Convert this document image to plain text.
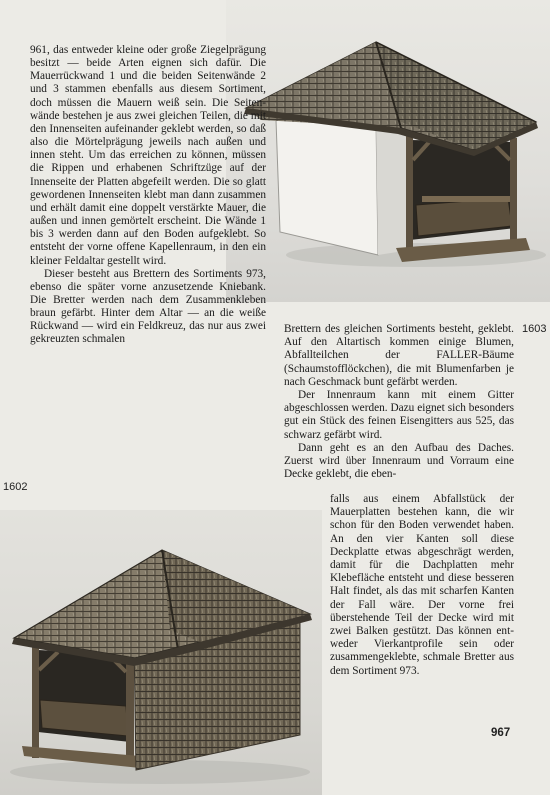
961, das entweder kleine oder große Ziegelprägung besitzt — beide Arten eignen sich dafür. Die Mauerrückwand 1 und die beiden Seitenwände 2 und 3 stammen ebenfalls aus diesem Sortiment, doch müssen die Mauern weiß sein. Die Seitenwände bestehen je aus zwei gleichen Teilen, die mit den Innenseiten aufeinander geklebt werden, so daß also die Mörtelprägung jeweils nach außen und innen steht. Um das erreichen zu können, müssen die Rippen und erhabenen Schriftzüge auf der Innenseite der Platten abgefeilt werden. Die so glatt gewordenen Innenseiten klebt man dann zusammen und erhält damit eine doppelt verstärkte Mauer, die außen und innen gemörtelt erscheint. Die Wände 1 bis 3 werden dann auf den Boden aufgeklebt. So entsteht der vorne offene Kapellenraum, in den ein kleiner Feldaltar gestellt wird.

Dieser besteht aus Brettern des Sortiments 973, ebenso die später vorne anzusetzende Kniebank. Die Bretter werden nach dem Zusammenkleben braun gefärbt. Hinter dem Altar — an die weiße Rückwand — wird ein Feldkreuz, das nur aus zwei gekreuzten schmalen

Brettern des gleichen Sortiments besteht, geklebt. Auf den Altartisch kommen einige Blumen, Abfallteilchen der FALLER-Bäume (Schaumstofflöckchen), die mit Blumenfarben je nach Geschmack bunt gefärbt werden.

Der Innenraum kann mit einem Gitter abgeschlossen werden. Dazu eignet sich besonders gut ein Stück des feinen Eisengitters aus 525, das schwarz gefärbt wird.

Dann geht es an den Aufbau des Daches. Zuerst wird über Innenraum und Vorraum eine Decke geklebt, die eben-

falls aus einem Abfallstück der Mauerplatten bestehen kann, die wir schon für den Boden verwendet haben. An den vier Kanten soll diese Deckplatte etwas abgeschrägt werden, damit für die Dachplatten mehr Klebefläche entsteht und diese besseren Halt findet, als das mit scharfen Kanten der Fall wäre. Der vorne frei überstehende Teil der Decke wird mit zwei Balken gestützt. Das können entweder Vierkantprofile sein oder zusammengeklebte, schmale Bretter aus dem Sortiment 973.

1602
1603
967
